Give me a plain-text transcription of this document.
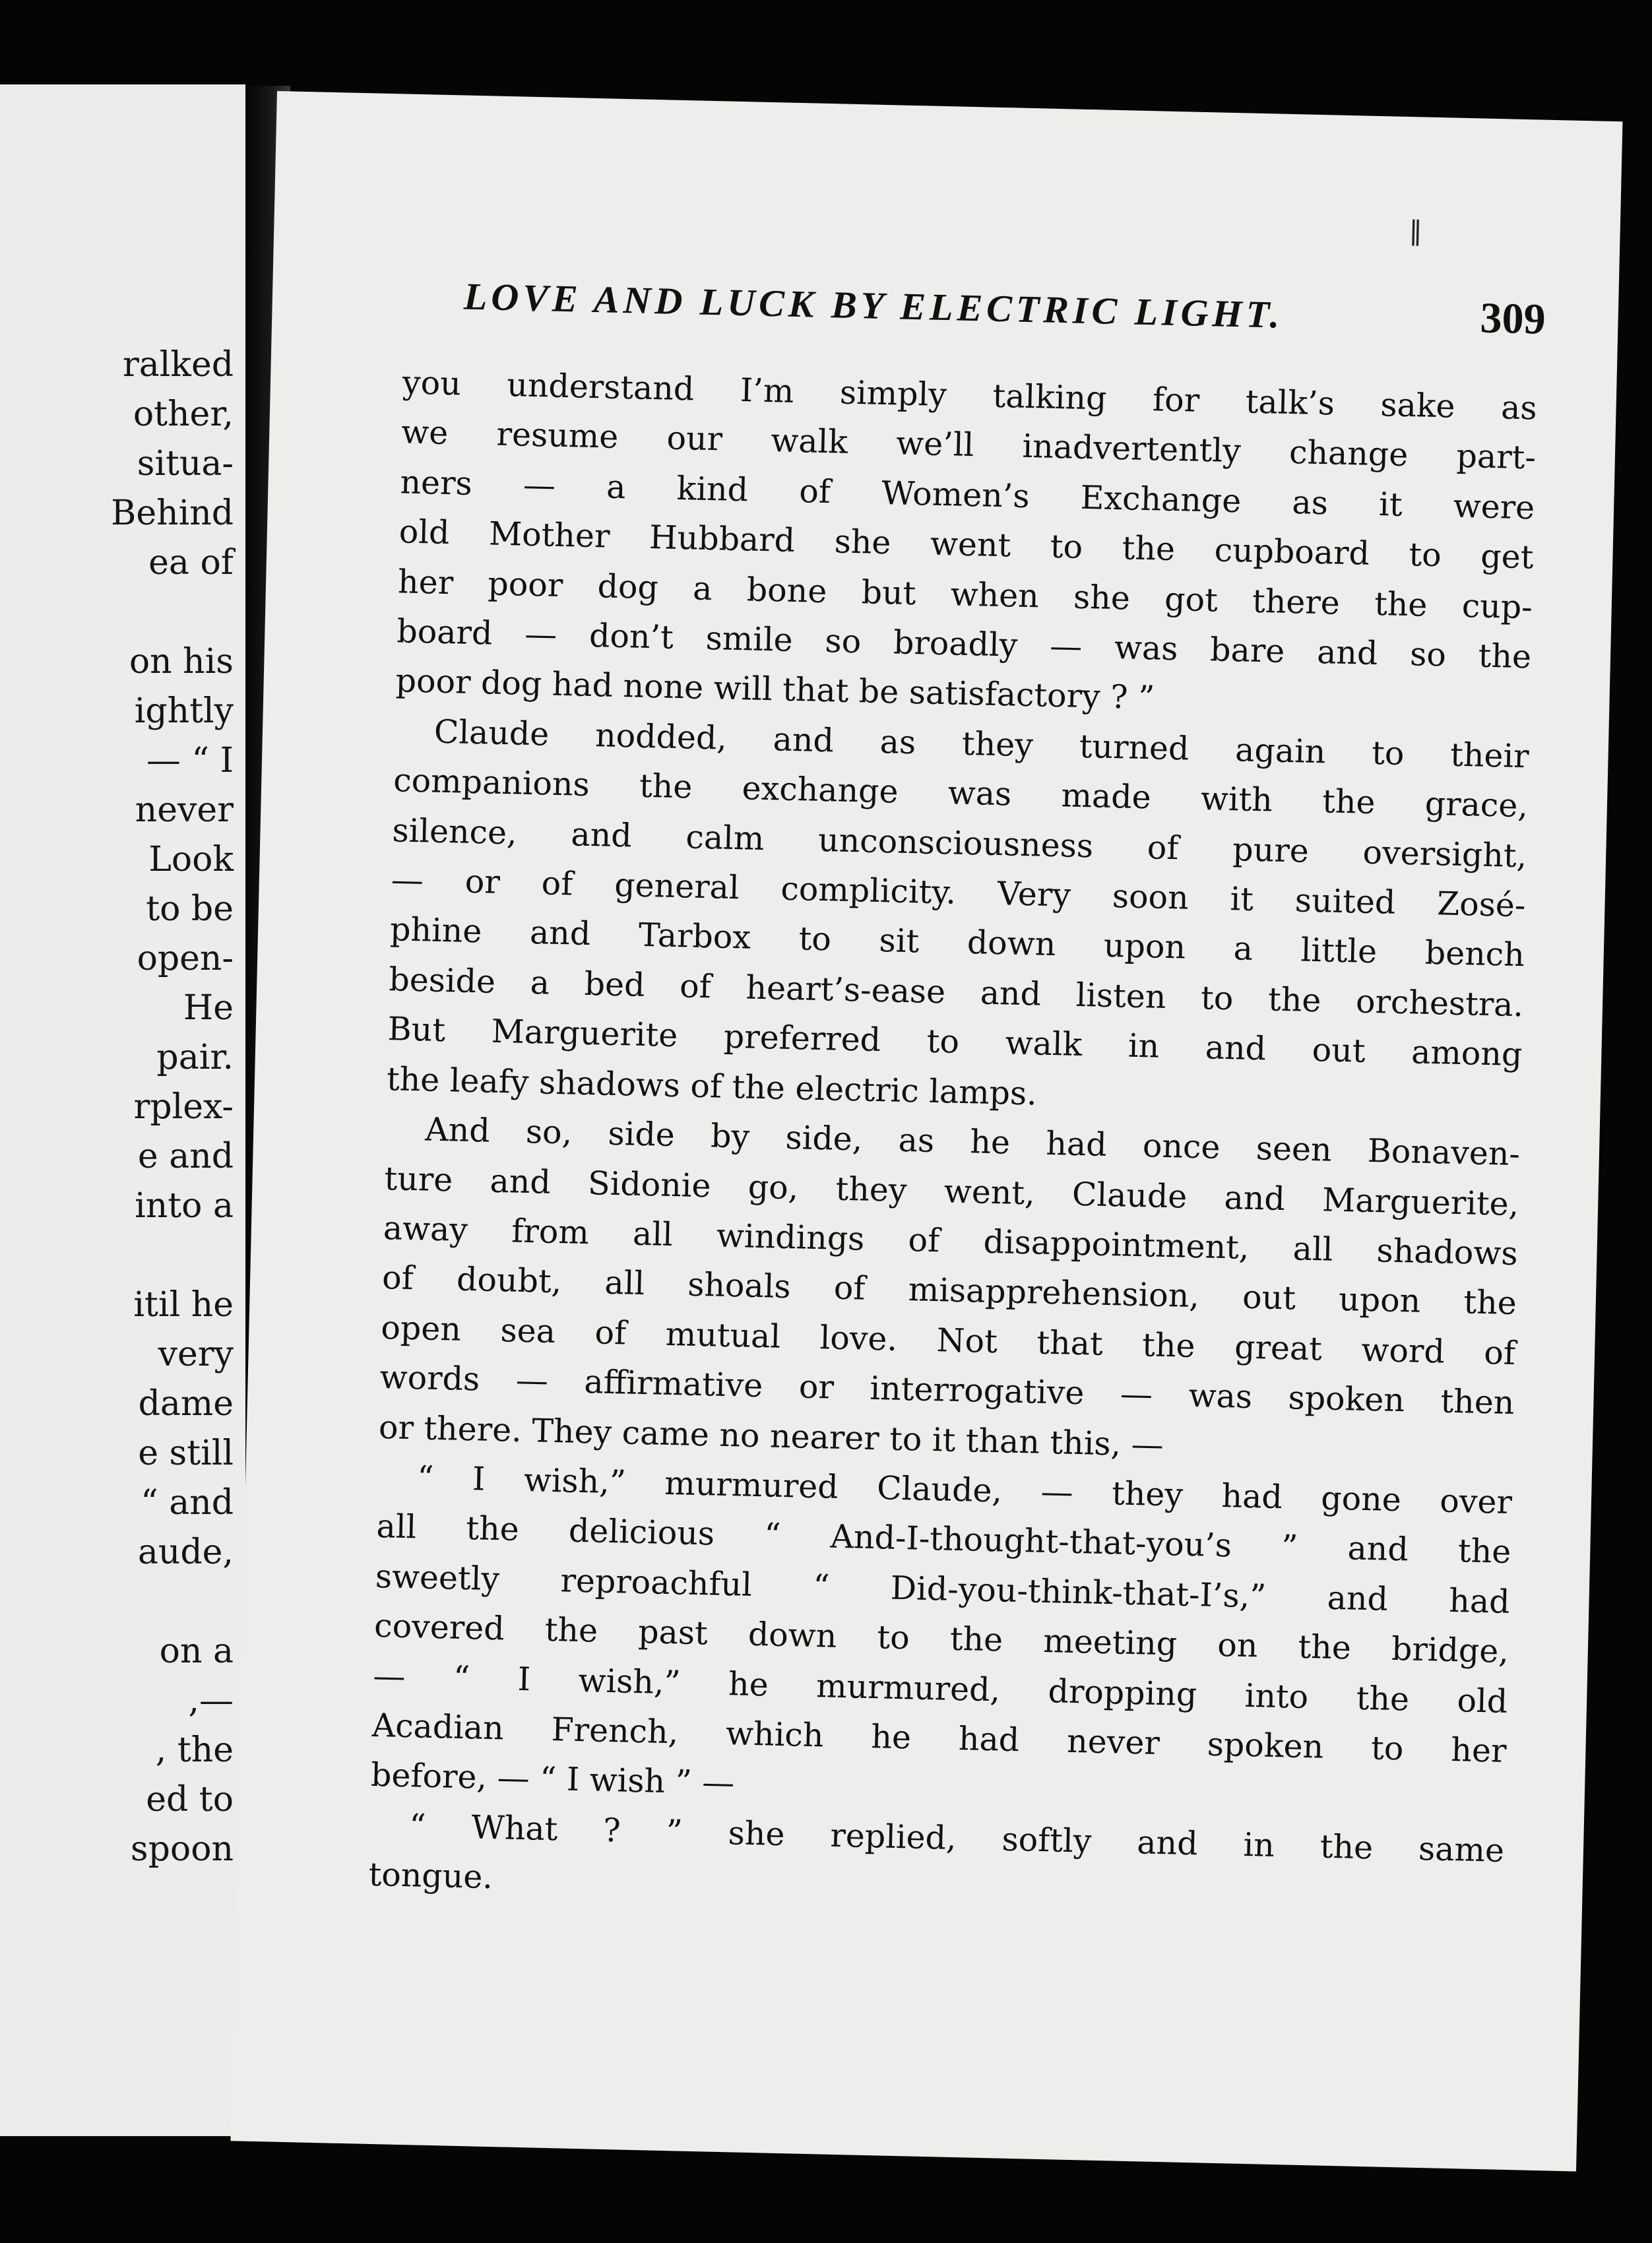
ralked
other,
situa-
Behind
ea of
on his
ightly
— “ I
never
Look
to be
open-
He
pair.
rplex-
e and
into a
itil he
very
dame
e still
“ and
aude,
on a
,—
, the
ed to
spoon
LOVE AND LUCK BY ELECTRIC LIGHT.	309
‖
you understand I’m simply talking for talk’s sake as
we resume our walk we’ll inadvertently change part-
ners — a kind of Women’s Exchange as it were
old Mother Hubbard she went to the cupboard to get
her poor dog a bone but when she got there the cup-
board — don’t smile so broadly — was bare and so the
poor dog had none will that be satisfactory ? ”
Claude nodded, and as they turned again to their
companions the exchange was made with the grace,
silence, and calm unconsciousness of pure oversight,
— or of general complicity. Very soon it suited Zosé-
phine and Tarbox to sit down upon a little bench
beside a bed of heart’s-ease and listen to the orchestra.
But Marguerite preferred to walk in and out among
the leafy shadows of the electric lamps.
And so, side by side, as he had once seen Bonaven-
ture and Sidonie go, they went, Claude and Marguerite,
away from all windings of disappointment, all shadows
of doubt, all shoals of misapprehension, out upon the
open sea of mutual love. Not that the great word of
words — affirmative or interrogative — was spoken then
or there. They came no nearer to it than this, —
“ I wish,” murmured Claude, — they had gone over
all the delicious “ And-I-thought-that-you’s ” and the
sweetly reproachful “ Did-you-think-that-I’s,” and had
covered the past down to the meeting on the bridge,
— “ I wish,” he murmured, dropping into the old
Acadian French, which he had never spoken to her
before, — “ I wish ” —
“ What ? ” she replied, softly and in the same
tongue.
